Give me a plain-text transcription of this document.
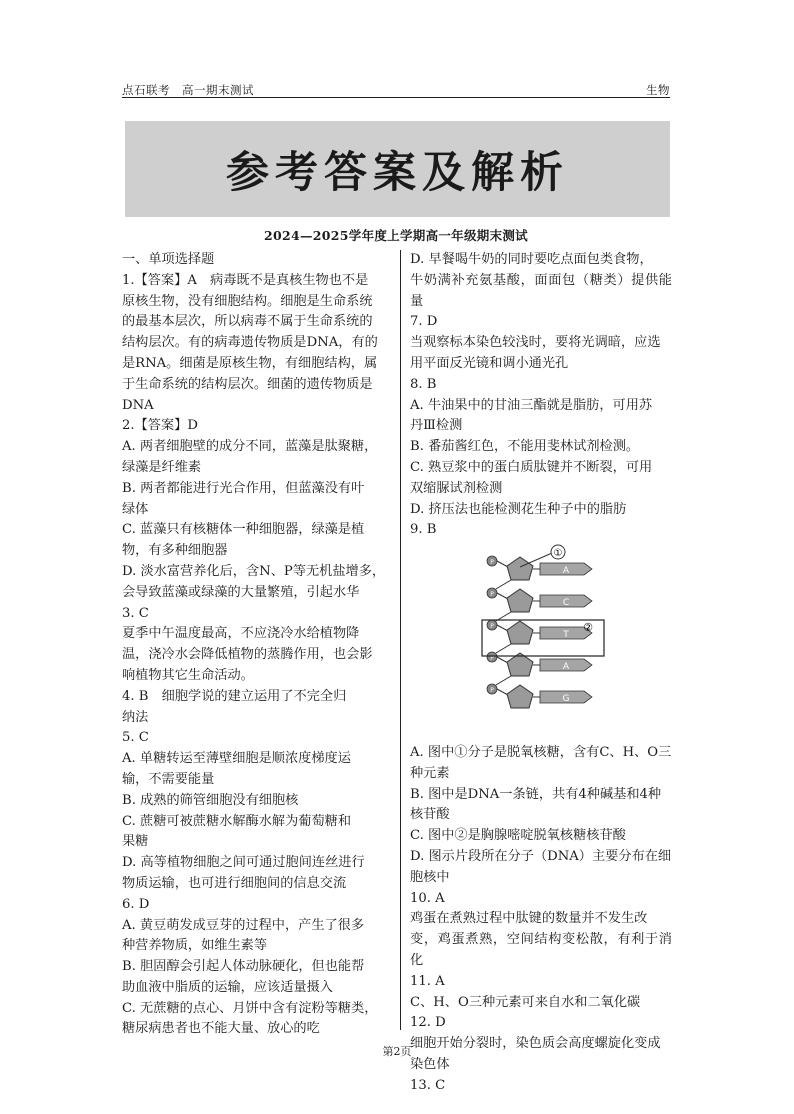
点石联考　高一期末测试	生物
参考答案及解析
2024—2025学年度上学期高一年级期末测试

一、单项选择题

1.【答案】A　病毒既不是真核生物也不是

原核生物，没有细胞结构。细胞是生命系统

的最基本层次，所以病毒不属于生命系统的

结构层次。有的病毒遗传物质是DNA，有的

是RNA。细菌是原核生物，有细胞结构，属

于生命系统的结构层次。细菌的遗传物质是

DNA

2.【答案】D

A. 两者细胞壁的成分不同，蓝藻是肽聚糖，

绿藻是纤维素

B. 两者都能进行光合作用，但蓝藻没有叶

绿体

C. 蓝藻只有核糖体一种细胞器，绿藻是植

物，有多种细胞器

D. 淡水富营养化后，含N、P等无机盐增多，

会导致蓝藻或绿藻的大量繁殖，引起水华

3. C

夏季中午温度最高，不应浇冷水给植物降

温，浇冷水会降低植物的蒸腾作用，也会影

响植物其它生命活动。

4. B　细胞学说的建立运用了不完全归

纳法

5. C

A. 单糖转运至薄壁细胞是顺浓度梯度运

输，不需要能量

B. 成熟的筛管细胞没有细胞核

C. 蔗糖可被蔗糖水解酶水解为葡萄糖和

果糖

D. 高等植物细胞之间可通过胞间连丝进行

物质运输，也可进行细胞间的信息交流

6. D

A. 黄豆萌发成豆芽的过程中，产生了很多

种营养物质，如维生素等

B. 胆固醇会引起人体动脉硬化，但也能帮

助血液中脂质的运输，应该适量摄入

C. 无蔗糖的点心、月饼中含有淀粉等糖类，

糖尿病患者也不能大量、放心的吃

D. 早餐喝牛奶的同时要吃点面包类食物，

牛奶满补充氨基酸，面面包（糖类）提供能量

7. D

当观察标本染色较浅时，要将光调暗，应选

用平面反光镜和调小通光孔

8. B

A. 牛油果中的甘油三酯就是脂肪，可用苏

丹Ⅲ检测

B. 番茄酱红色，不能用斐林试剂检测。

C. 熟豆浆中的蛋白质肽键并不断裂，可用

双缩脲试剂检测

D. 挤压法也能检测花生种子中的脂肪

9. B

P
A
P
C
P
T
P
A
P
G
①
②

A. 图中①分子是脱氧核糖，含有C、H、O三

种元素

B. 图中是DNA一条链，共有4种碱基和4种

核苷酸

C. 图中②是胸腺嘧啶脱氧核糖核苷酸

D. 图示片段所在分子（DNA）主要分布在细

胞核中

10. A

鸡蛋在煮熟过程中肽键的数量并不发生改

变，鸡蛋煮熟，空间结构变松散，有利于消化

11. A

C、H、O三种元素可来自水和二氧化碳

12. D

细胞开始分裂时，染色质会高度螺旋化变成

染色体

13. C

第2页
